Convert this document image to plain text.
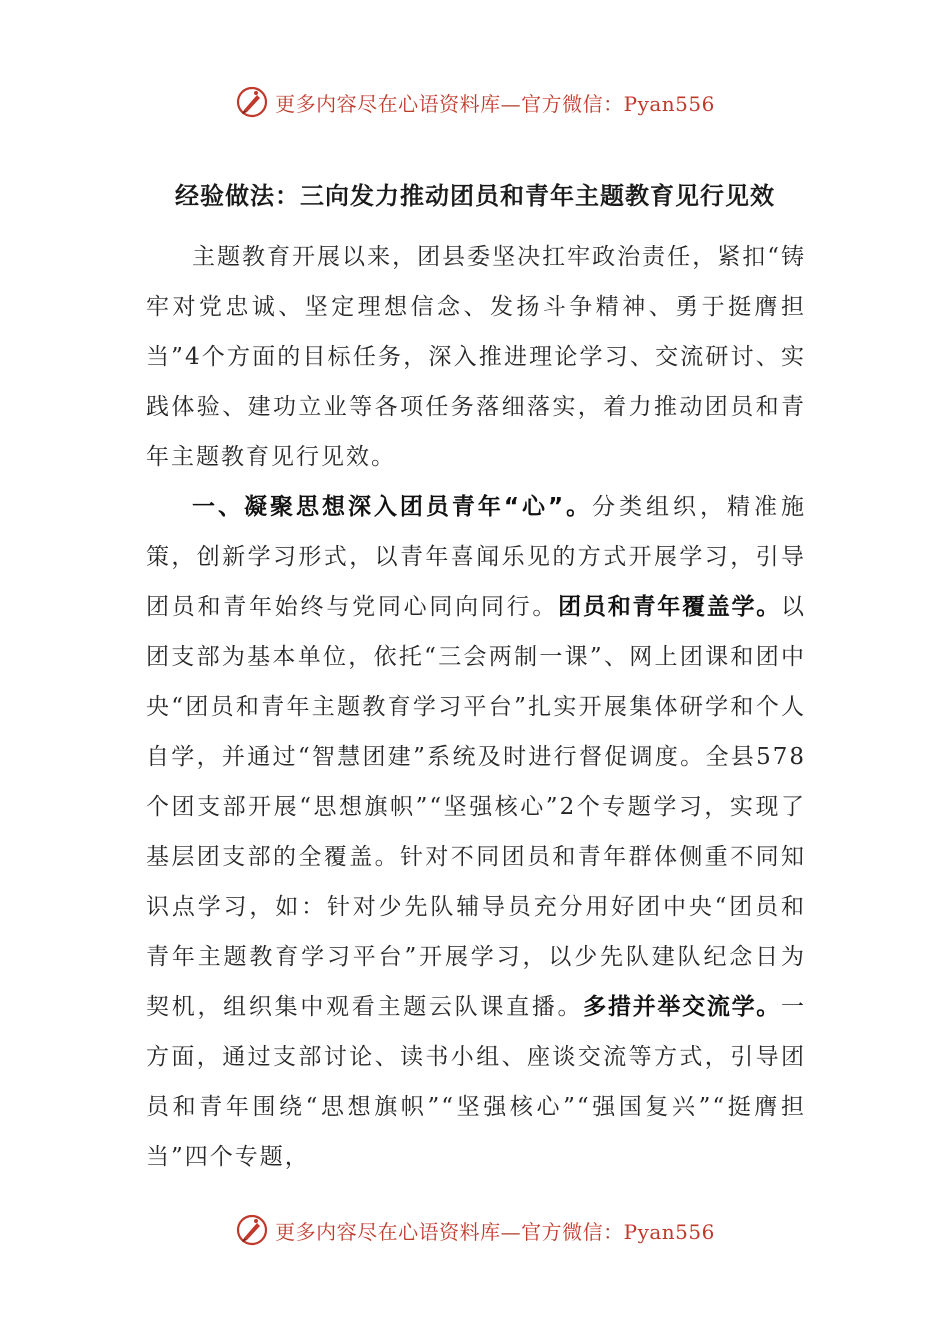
更多内容尽在心语资料库—官方微信：Pyan556
经验做法：三向发力推动团员和青年主题教育见行见效

主题教育开展以来，团县委坚决扛牢政治责任，紧扣“铸牢对党忠诚、坚定理想信念、发扬斗争精神、勇于挺膺担当”4个方面的目标任务，深入推进理论学习、交流研讨、实践体验、建功立业等各项任务落细落实，着力推动团员和青年主题教育见行见效。

一、凝聚思想深入团员青年“心”。分类组织，精准施策，创新学习形式，以青年喜闻乐见的方式开展学习，引导团员和青年始终与党同心同向同行。团员和青年覆盖学。以团支部为基本单位，依托“三会两制一课”、网上团课和团中央“团员和青年主题教育学习平台”扎实开展集体研学和个人自学，并通过“智慧团建”系统及时进行督促调度。全县578个团支部开展“思想旗帜”“坚强核心”2个专题学习，实现了基层团支部的全覆盖。针对不同团员和青年群体侧重不同知识点学习，如：针对少先队辅导员充分用好团中央“团员和青年主题教育学习平台”开展学习，以少先队建队纪念日为契机，组织集中观看主题云队课直播。多措并举交流学。一方面，通过支部讨论、读书小组、座谈交流等方式，引导团员和青年围绕“思想旗帜”“坚强核心”“强国复兴”“挺膺担当”四个专题，

更多内容尽在心语资料库—官方微信：Pyan556
